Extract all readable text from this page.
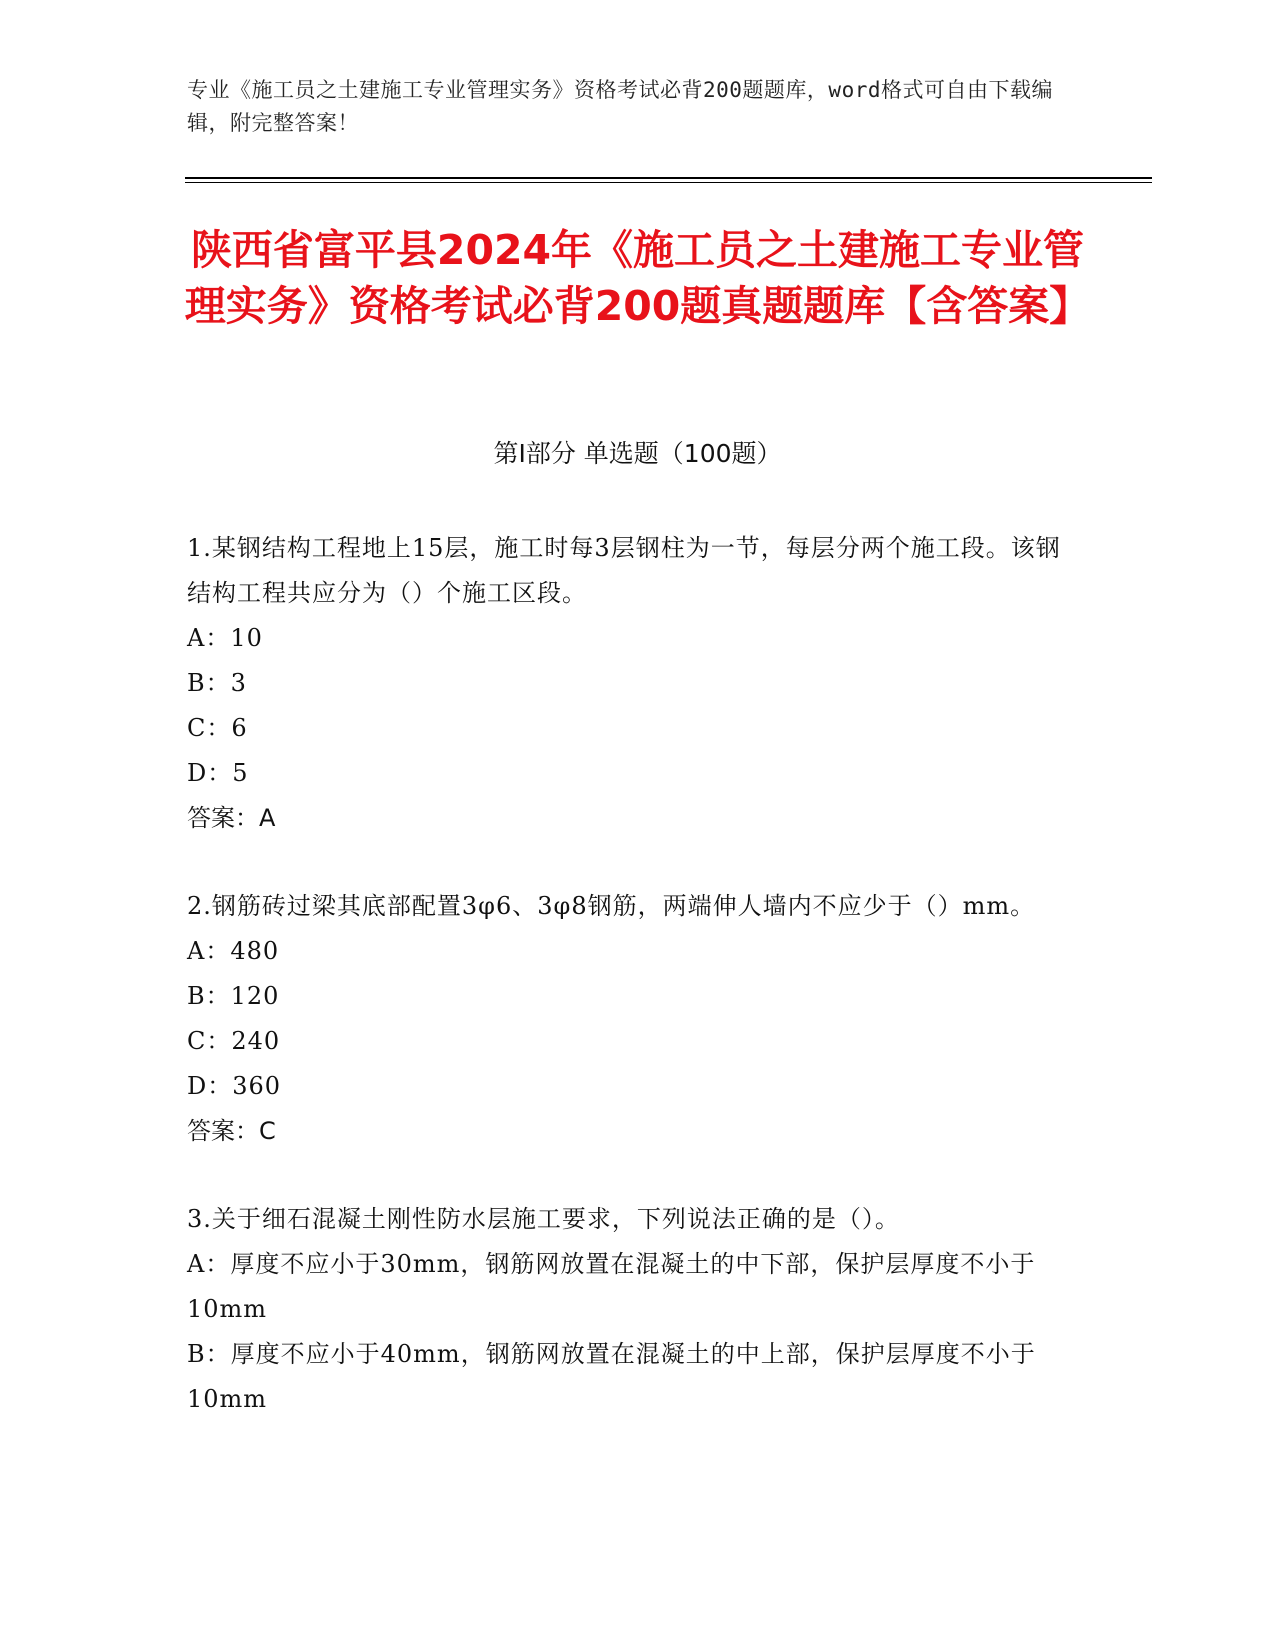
专业《施工员之土建施工专业管理实务》资格考试必背200题题库，word格式可自由下载编辑，附完整答案！
陕西省富平县2024年《施工员之土建施工专业管理实务》资格考试必背200题真题题库【含答案】
第Ⅰ部分 单选题（100题）

1.某钢结构工程地上15层，施工时每3层钢柱为一节，每层分两个施工段。该钢结构工程共应分为（）个施工区段。

A：10

B：3

C：6

D：5

答案：A

2.钢筋砖过梁其底部配置3φ6、3φ8钢筋，两端伸人墙内不应少于（）mm。

A：480

B：120

C：240

D：360

答案：C

3.关于细石混凝土刚性防水层施工要求，下列说法正确的是（）。

A：厚度不应小于30mm，钢筋网放置在混凝土的中下部，保护层厚度不小于10mm

B：厚度不应小于40mm，钢筋网放置在混凝土的中上部，保护层厚度不小于10mm
